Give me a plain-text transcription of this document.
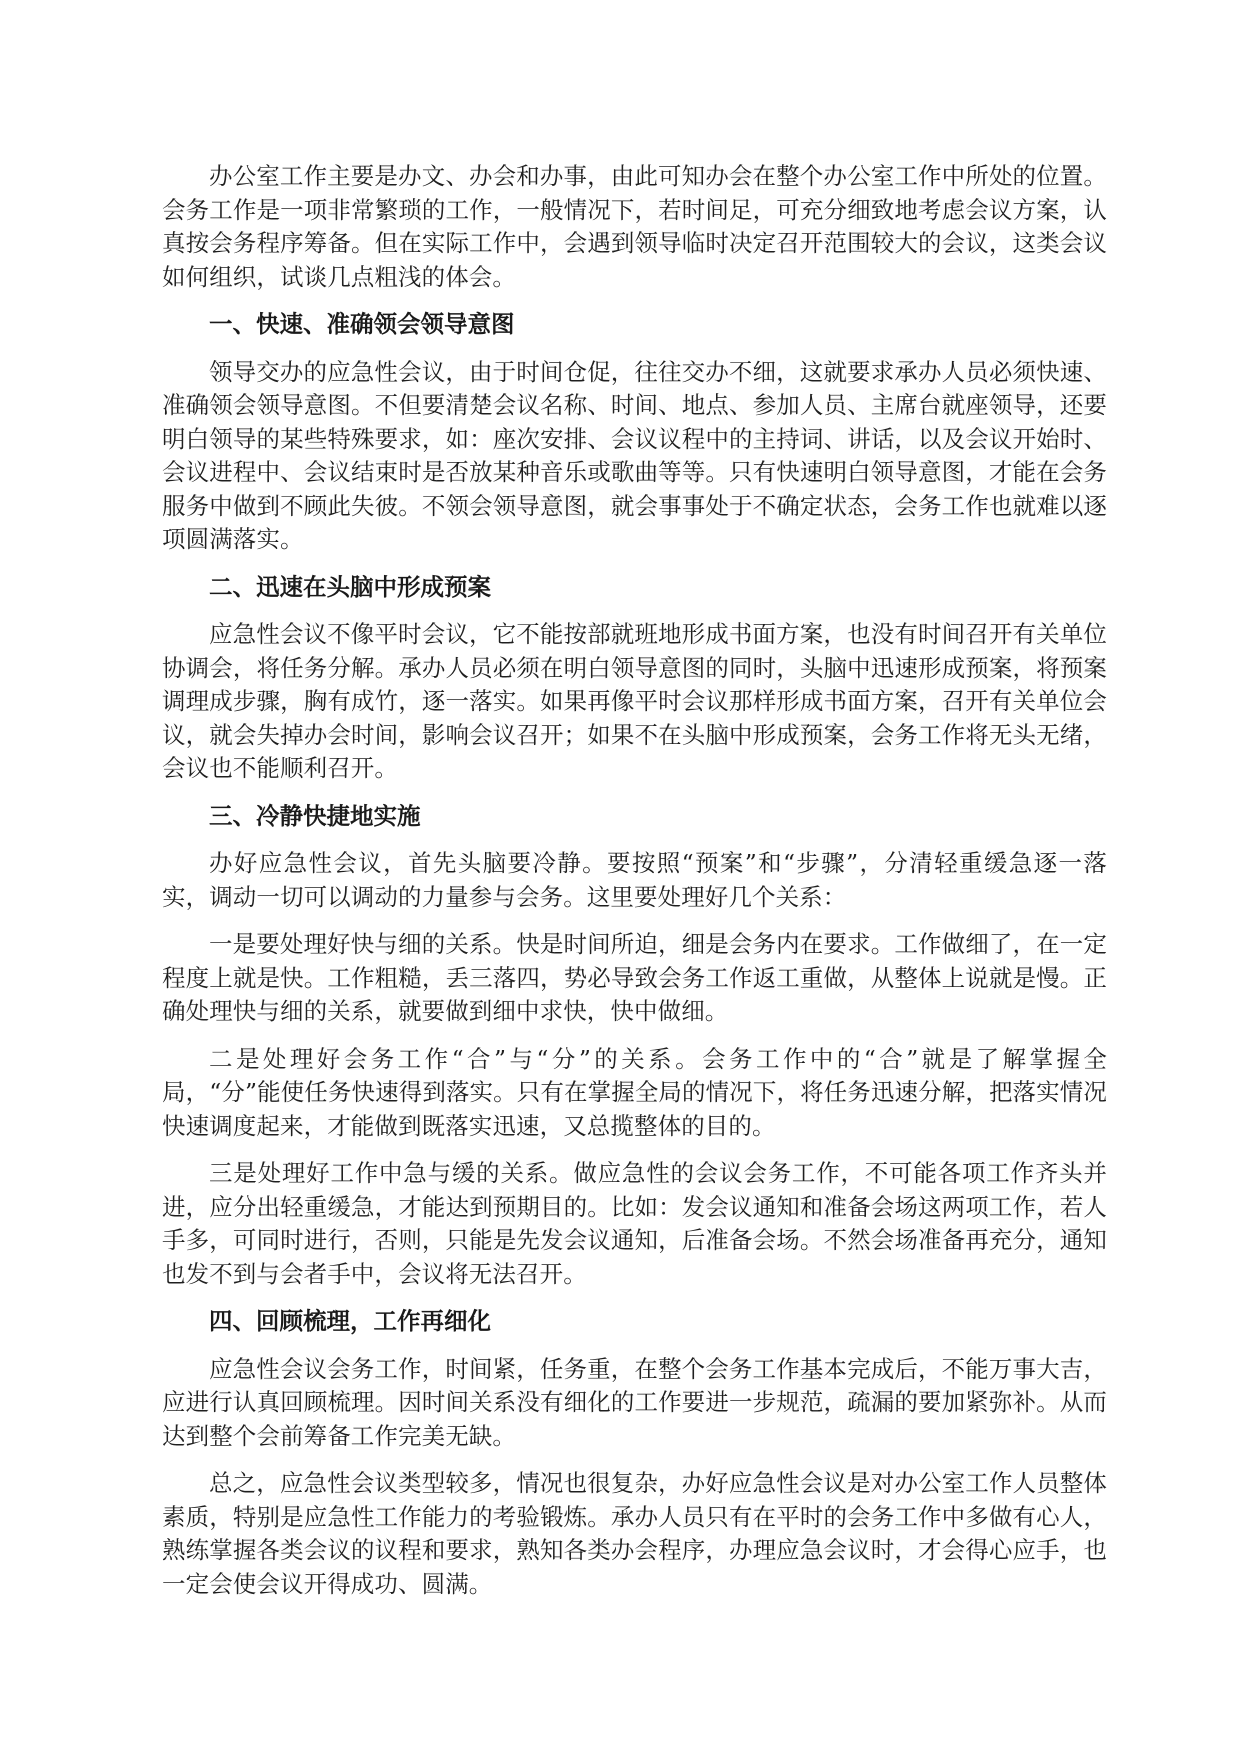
办公室工作主要是办文、办会和办事，由此可知办会在整个办公室工作中所处的位置。会务工作是一项非常繁琐的工作，一般情况下，若时间足，可充分细致地考虑会议方案，认真按会务程序筹备。但在实际工作中，会遇到领导临时决定召开范围较大的会议，这类会议如何组织，试谈几点粗浅的体会。

一、快速、准确领会领导意图

领导交办的应急性会议，由于时间仓促，往往交办不细，这就要求承办人员必须快速、准确领会领导意图。不但要清楚会议名称、时间、地点、参加人员、主席台就座领导，还要明白领导的某些特殊要求，如：座次安排、会议议程中的主持词、讲话，以及会议开始时、会议进程中、会议结束时是否放某种音乐或歌曲等等。只有快速明白领导意图，才能在会务服务中做到不顾此失彼。不领会领导意图，就会事事处于不确定状态，会务工作也就难以逐项圆满落实。

二、迅速在头脑中形成预案

应急性会议不像平时会议，它不能按部就班地形成书面方案，也没有时间召开有关单位协调会，将任务分解。承办人员必须在明白领导意图的同时，头脑中迅速形成预案，将预案调理成步骤，胸有成竹，逐一落实。如果再像平时会议那样形成书面方案，召开有关单位会议，就会失掉办会时间，影响会议召开；如果不在头脑中形成预案，会务工作将无头无绪，会议也不能顺利召开。

三、冷静快捷地实施

办好应急性会议，首先头脑要冷静。要按照“预案”和“步骤”，分清轻重缓急逐一落实，调动一切可以调动的力量参与会务。这里要处理好几个关系：

一是要处理好快与细的关系。快是时间所迫，细是会务内在要求。工作做细了，在一定程度上就是快。工作粗糙，丢三落四，势必导致会务工作返工重做，从整体上说就是慢。正确处理快与细的关系，就要做到细中求快，快中做细。

二是处理好会务工作“合”与“分”的关系。会务工作中的“合”就是了解掌握全局，“分”能使任务快速得到落实。只有在掌握全局的情况下，将任务迅速分解，把落实情况快速调度起来，才能做到既落实迅速，又总揽整体的目的。

三是处理好工作中急与缓的关系。做应急性的会议会务工作，不可能各项工作齐头并进，应分出轻重缓急，才能达到预期目的。比如：发会议通知和准备会场这两项工作，若人手多，可同时进行，否则，只能是先发会议通知，后准备会场。不然会场准备再充分，通知也发不到与会者手中，会议将无法召开。

四、回顾梳理，工作再细化

应急性会议会务工作，时间紧，任务重，在整个会务工作基本完成后，不能万事大吉，应进行认真回顾梳理。因时间关系没有细化的工作要进一步规范，疏漏的要加紧弥补。从而达到整个会前筹备工作完美无缺。

总之，应急性会议类型较多，情况也很复杂，办好应急性会议是对办公室工作人员整体素质，特别是应急性工作能力的考验锻炼。承办人员只有在平时的会务工作中多做有心人，熟练掌握各类会议的议程和要求，熟知各类办会程序，办理应急会议时，才会得心应手，也一定会使会议开得成功、圆满。
